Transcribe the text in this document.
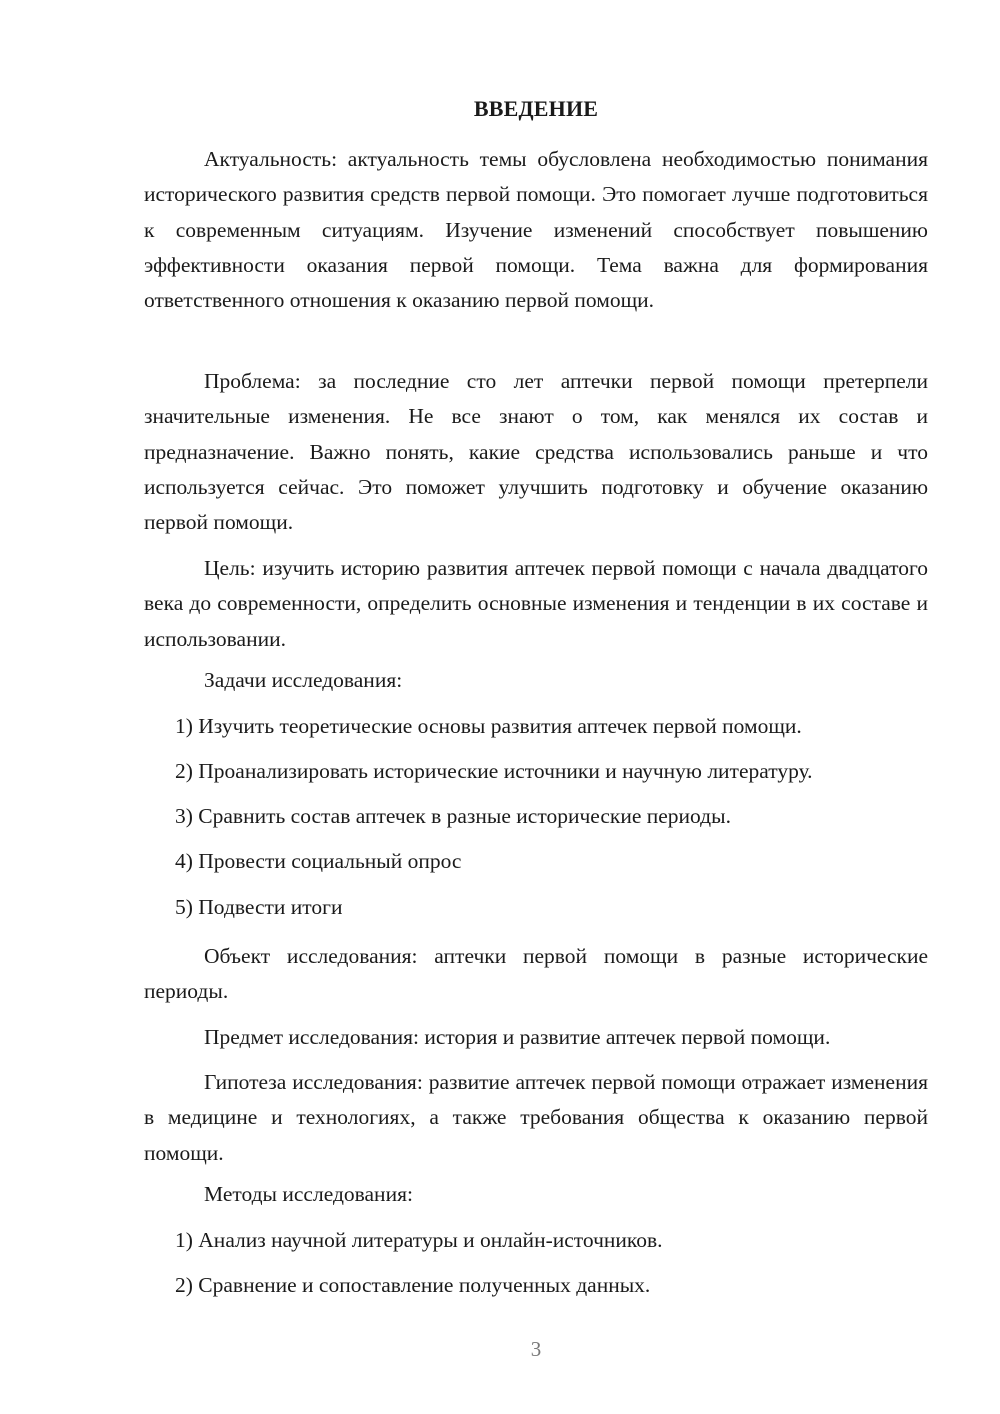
ВВЕДЕНИЕ

Актуальность: актуальность темы обусловлена необходимостью понимания исторического развития средств первой помощи. Это помогает лучше подготовиться к современным ситуациям. Изучение изменений способствует повышению эффективности оказания первой помощи. Тема важна для формирования ответственного отношения к оказанию первой помощи.

Проблема: за последние сто лет аптечки первой помощи претерпели значительные изменения. Не все знают о том, как менялся их состав и предназначение. Важно понять, какие средства использовались раньше и что используется сейчас. Это поможет улучшить подготовку и обучение оказанию первой помощи.

Цель: изучить историю развития аптечек первой помощи с начала двадцатого века до современности, определить основные изменения и тенденции в их составе и использовании.

Задачи исследования:

1) Изучить теоретические основы развития аптечек первой помощи.

2) Проанализировать исторические источники и научную литературу.

3) Сравнить состав аптечек в разные исторические периоды.

4) Провести социальный опрос

5) Подвести итоги

Объект исследования: аптечки первой помощи в разные исторические периоды.

Предмет исследования: история и развитие аптечек первой помощи.

Гипотеза исследования: развитие аптечек первой помощи отражает изменения в медицине и технологиях, а также требования общества к оказанию первой помощи.

Методы исследования:

1) Анализ научной литературы и онлайн-источников.

2) Сравнение и сопоставление полученных данных.

3
